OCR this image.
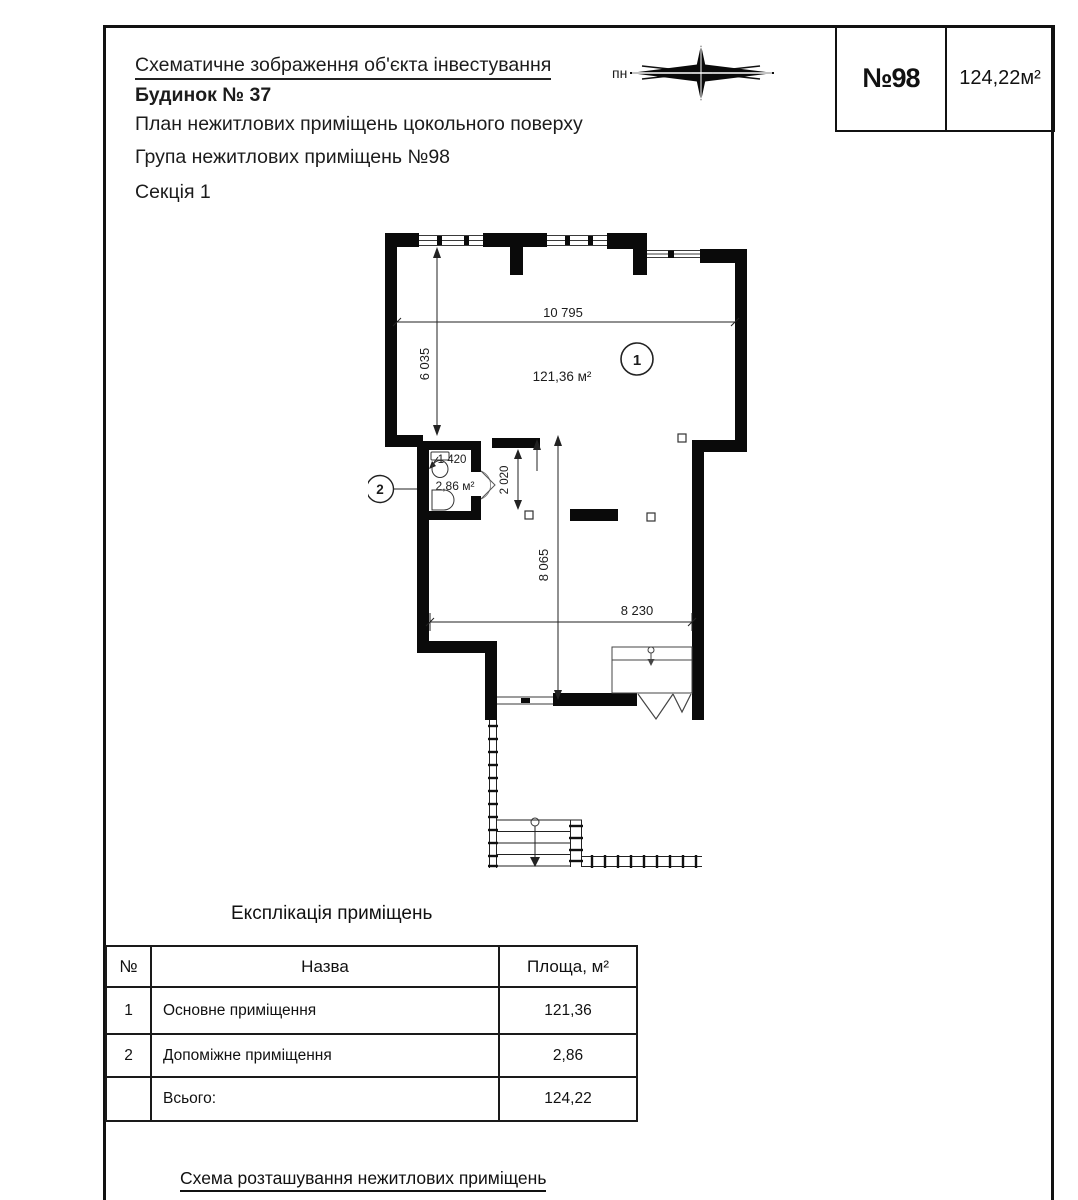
Схематичне зображення об'єкта інвестування
Будинок № 37
План нежитлових приміщень цокольного поверху
Група нежитлових приміщень №98
Секція 1
пн	№98	124,22м²
10 795
6 035
1 420
2 020
8 065
8 230
1
121,36 м²
2	2,86 м²
Експлікація приміщень
№	Назва	Площа, м²
1	Основне приміщення	121,36
2	Допоміжне приміщення	2,86
	Всього:	124,22
Схема розташування нежитлових приміщень
